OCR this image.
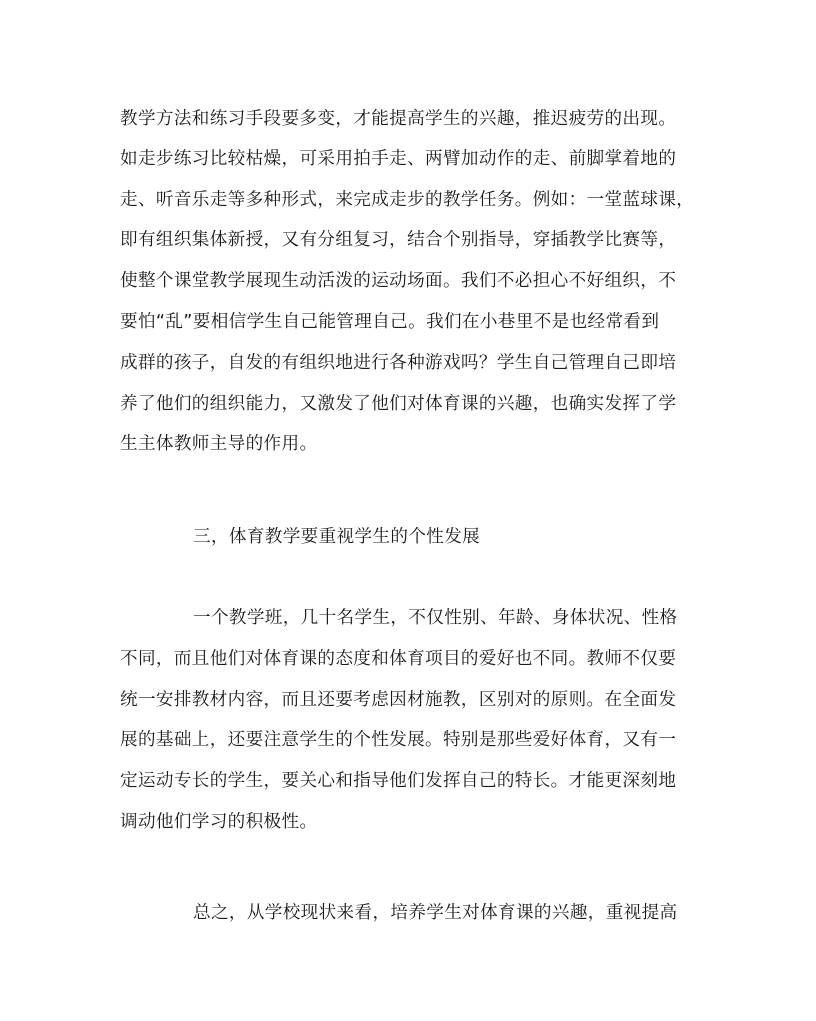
教学方法和练习手段要多变，才能提高学生的兴趣，推迟疲劳的出现。
如走步练习比较枯燥，可采用拍手走、两臂加动作的走、前脚掌着地的
走、听音乐走等多种形式，来完成走步的教学任务。例如：一堂蓝球课，
即有组织集体新授，又有分组复习，结合个别指导，穿插教学比赛等，
使整个课堂教学展现生动活泼的运动场面。我们不必担心不好组织，不
要怕“乱”要相信学生自己能管理自己。我们在小巷里不是也经常看到
成群的孩子，自发的有组织地进行各种游戏吗？学生自己管理自己即培
养了他们的组织能力，又激发了他们对体育课的兴趣，也确实发挥了学
生主体教师主导的作用。
三，体育教学要重视学生的个性发展
一个教学班，几十名学生，不仅性别、年龄、身体状况、性格
不同，而且他们对体育课的态度和体育项目的爱好也不同。教师不仅要
统一安排教材内容，而且还要考虑因材施教，区别对的原则。在全面发
展的基础上，还要注意学生的个性发展。特别是那些爱好体育，又有一
定运动专长的学生，要关心和指导他们发挥自己的特长。才能更深刻地
调动他们学习的积极性。
总之，从学校现状来看，培养学生对体育课的兴趣，重视提高
